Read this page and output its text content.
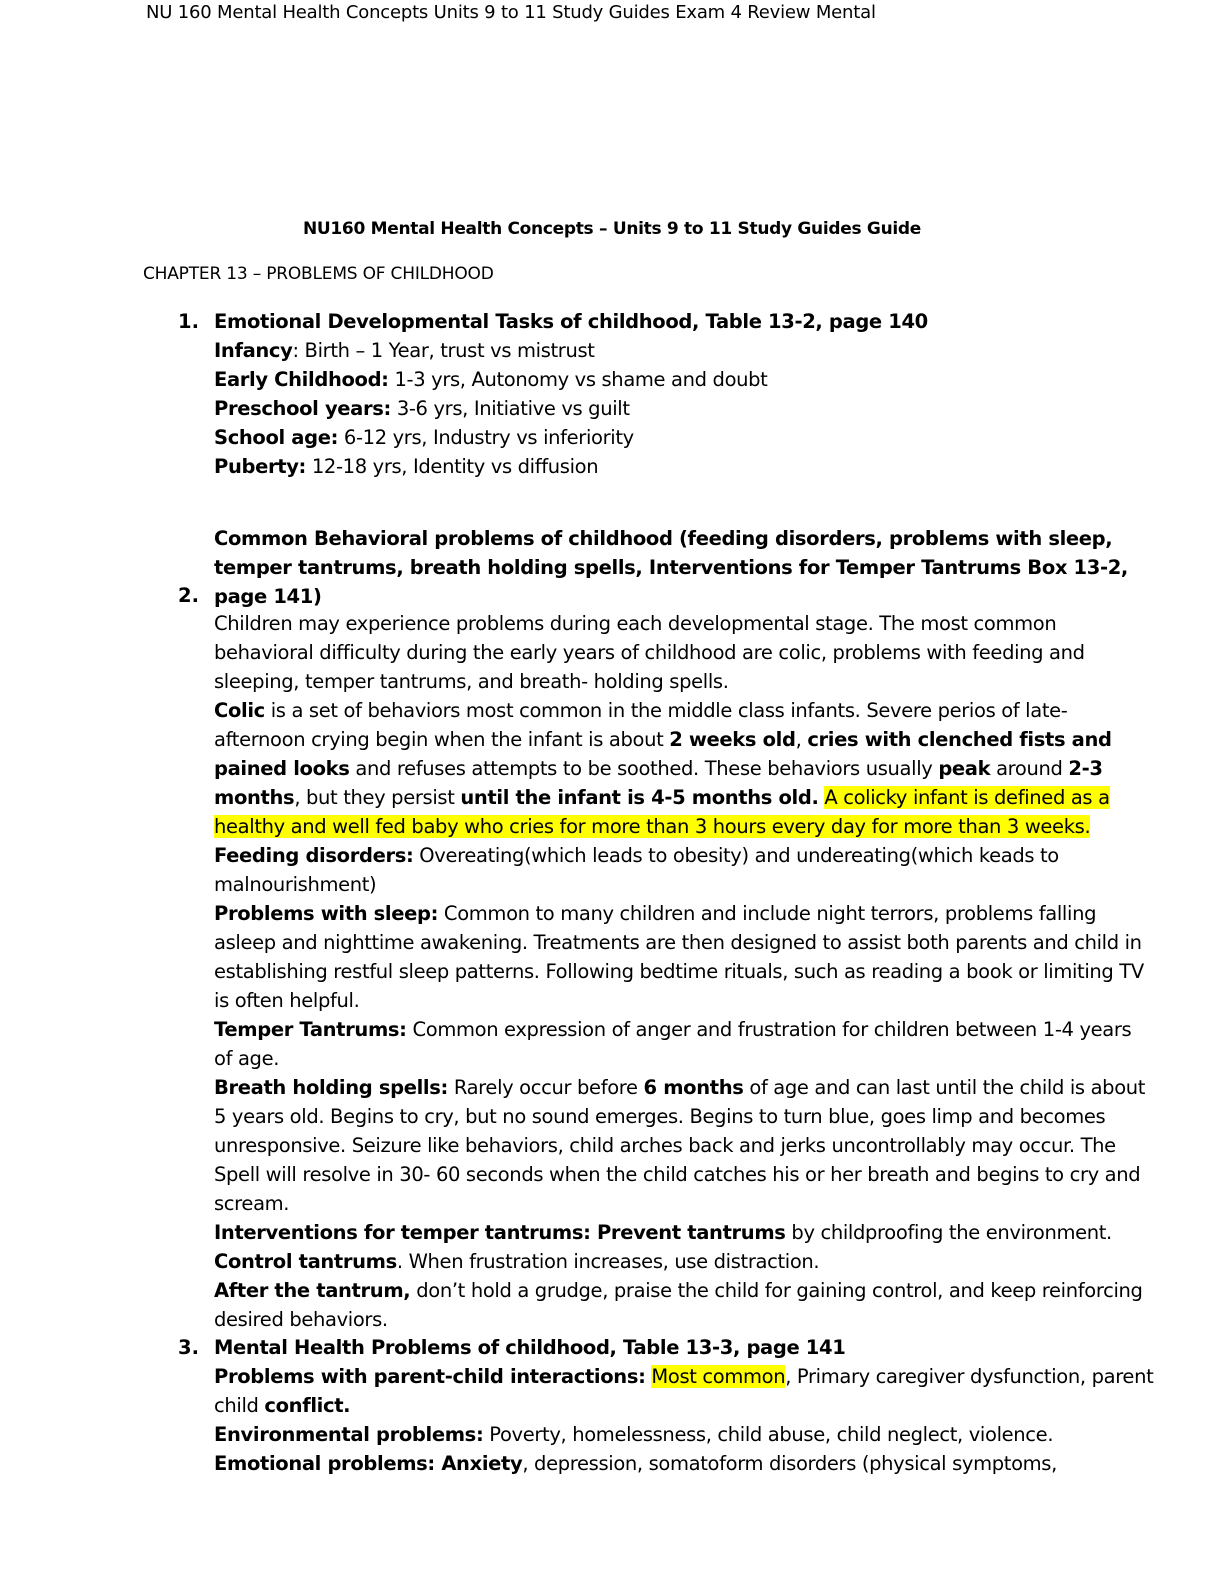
NU 160 Mental Health Concepts Units 9 to 11 Study Guides Exam 4 Review Mental
NU160 Mental Health Concepts – Units 9 to 11 Study Guides Guide
CHAPTER 13 – PROBLEMS OF CHILDHOOD
1. Emotional Developmental Tasks of childhood, Table 13-2, page 140

Infancy: Birth – 1 Year, trust vs mistrust

Early Childhood: 1-3 yrs, Autonomy vs shame and doubt

Preschool years: 3-6 yrs, Initiative vs guilt

School age: 6-12 yrs, Industry vs inferiority

Puberty: 12-18 yrs, Identity vs diffusion

Common Behavioral problems of childhood (feeding disorders, problems with sleep, temper tantrums, breath holding spells, Interventions for Temper Tantrums Box 13-2, page 141)

2.

Children may experience problems during each developmental stage. The most common behavioral difficulty during the early years of childhood are colic, problems with feeding and sleeping, temper tantrums, and breath- holding spells.

Colic is a set of behaviors most common in the middle class infants. Severe perios of late-afternoon crying begin when the infant is about 2 weeks old, cries with clenched fists and pained looks and refuses attempts to be soothed. These behaviors usually peak around 2-3 months, but they persist until the infant is 4-5 months old. A colicky infant is defined as a healthy and well fed baby who cries for more than 3 hours every day for more than 3 weeks.

Feeding disorders: Overeating(which leads to obesity) and undereating(which keads to malnourishment)

Problems with sleep: Common to many children and include night terrors, problems falling asleep and nighttime awakening. Treatments are then designed to assist both parents and child in establishing restful sleep patterns. Following bedtime rituals, such as reading a book or limiting TV is often helpful.

Temper Tantrums: Common expression of anger and frustration for children between 1-4 years of age.

Breath holding spells: Rarely occur before 6 months of age and can last until the child is about 5 years old. Begins to cry, but no sound emerges. Begins to turn blue, goes limp and becomes unresponsive. Seizure like behaviors, child arches back and jerks uncontrollably may occur. The Spell will resolve in 30- 60 seconds when the child catches his or her breath and begins to cry and scream.

Interventions for temper tantrums: Prevent tantrums by childproofing the environment.

Control tantrums. When frustration increases, use distraction.

After the tantrum, don’t hold a grudge, praise the child for gaining control, and keep reinforcing desired behaviors.

3. Mental Health Problems of childhood, Table 13-3, page 141

Problems with parent-child interactions: Most common, Primary caregiver dysfunction, parent child conflict.

Environmental problems: Poverty, homelessness, child abuse, child neglect, violence.

Emotional problems: Anxiety, depression, somatoform disorders (physical symptoms,
